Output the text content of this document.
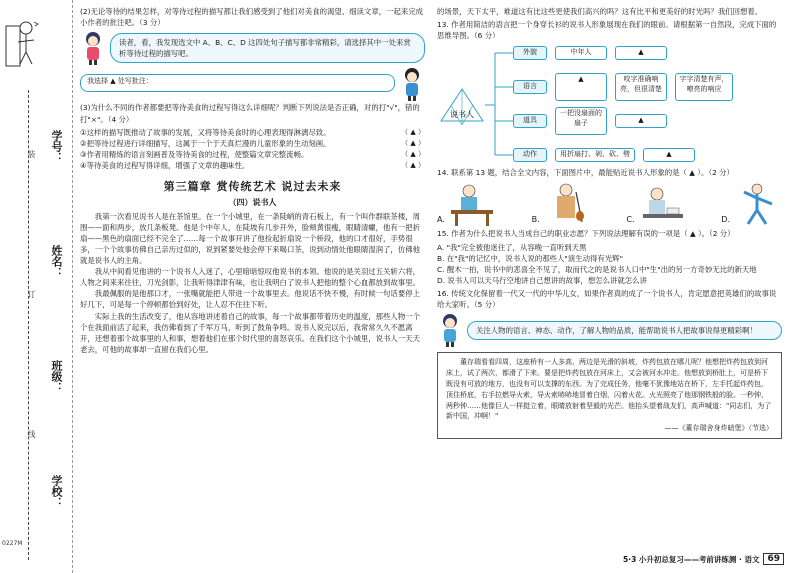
装
订
线
学号：
姓名：
班级：
学校：
0227M

(2)无论等待的结果怎样，对等待过程的描写都让我们感受到了他们对美食的渴望、细读文章，一起来完成小作者的批注吧。（3 分）

读者，看，我发现选文中 A、B、C、D 这四处句子描写都非常精彩，请选择其中一处来赏析等待过程的描写吧。
我选择 ▲ 处写批注：

(3)为什么不同的作者都要把等待美食的过程写得这么详细呢？判断下列说法是否正确，对的打"√"，错的打"×"。（4 分）

①这样的描写既推动了故事的发展，又将等待美食时的心理表现得淋漓尽致。	（ ▲ ）
②把等待过程进行详细描写，这属于一个于天真烂漫的儿童形象的生动刻画。	（ ▲ ）
③作者用精炼的语言刻画普及等待美食的过程，使整篇文章完整流畅。	（ ▲ ）
④等待美食的过程写得详细，增强了文章的趣味性。	（ ▲ ）
第三篇章 赏传统艺术 说过去未来
（四）说书人

我第一次看见说书人是在茶馆里。在一个小城里，在一条陡峭的青石板上，有一个叫作群联茶楼，周围——面和两步，放几条板凳。他是个中年人，在陡坡有几步开外，脸颊黄很瘦，眼睛清癯，他有一把折扇——黑色的扇面已经不完全了……每一个故事开讲了他捡起折扇说一个桥段，他的口才很好，手势很多，一个个故事仿佛自己亲历过似的，说到紧要处他会停下来喝口茶，说到动情处他眼睛湿润了，仿佛他就是说书人的主角。

我从中间看见他讲的一个说书人入迷了，心里暗暗惊叹他说书的本领。他说的是关羽过五关斩六将，人物之间来来往往，刀光剑影，让我听得津津有味，也让我明白了说书人把他的整个心血都放到故事里。

我最佩服的是他那口才，一张嘴就能把人带进一个故事里去。他说话不快不慢，有时候一句话要停上好几下，可是每一个停顿都恰到好处，让人忍不住往下听。

实际上我的生活改变了，他从容地讲述着自己的故事，每一个故事都带着历史的温度，那些人物一个个在我面前活了起来，我仿佛看到了千军万马，听到了鼓角争鸣。说书人说完以后，我常常久久不愿离开，还想着那个故事里的人和事，想着他们在那个时代里的喜怒哀乐。在我们这个小城里，说书人一天天老去，可他的故事却一直留在我们心里。

的场景，天下太平，难道这有比这些更使我们高兴的吗？这有比平和更美好的时光吗？我们回想着。

13. 作者用简洁的语言把一个身穿长衫的说书人形象展现在我们的眼前。请根据第一自然段，完成下面的思维导图。（6 分）

说书人
外貌	中年人	▲
语言
▲	咬字准确响亮，但很清楚
字字清楚有声，嘹亮的响应
道具
一把没扇面的扇子	▲
动作	用折扇打、剁、砍、劈	▲

14. 联系第 13 题，结合全文内容，下面图片中，最能贴近说书人形象的是（ ▲ ）。（2 分）

A.	B.	C.	D.

15. 作者为什么把说书人当成自己的职业志愿？下列说法理解有误的一项是（ ▲ ）。（2 分）

A. "我"完全被他迷住了，从容晚一直听到天黑

B. 在"我"的记忆中，说书人说的那些人"演生动得有光辉"

C. 醒木一拍，说书中的悲喜全不见了，取而代之的是说书人口中"生"出的另一方奇妙无比的新天地

D. 说书人可以天马行空地讲自己想讲的故事，想怎么讲就怎么讲

16. 传统文化保留着一代又一代的中华儿女，如果作者真的成了一个说书人，肯定愿意把英雄们的故事说给大家听。（5 分）

关注人物的语言、神态、动作，了解人物的品质，能帮助说书人把故事说得更精彩啊！

董存瑞看看四周，这座桥有一人多高，两边是光滑的斜坡，炸药包放在哪儿呢？他想把炸药包放到河床上，试了两次，都滑了下来。要是把炸药包放在河床上，又会被河水冲走。他想放到桥肚上，可是桥下既没有可放的地方，也没有可以支撑的东西。为了完成任务，他毫不犹豫地站在桥下，左手托起炸药包，顶住桥底，右手拉燃导火索，导火索哧哧地冒着白烟，闪着火花。火光照亮了他那钢铁般的脸。一秒钟、两秒钟……他像巨人一样挺立着，眼睛放射着坚毅的光芒。他抬头望着战友们，高声喊道："同志们，为了新中国，冲啊！"

——《董存瑞舍身炸暗堡》（节选）
5·3 小升初总复习——考前讲练测 · 语文 69
